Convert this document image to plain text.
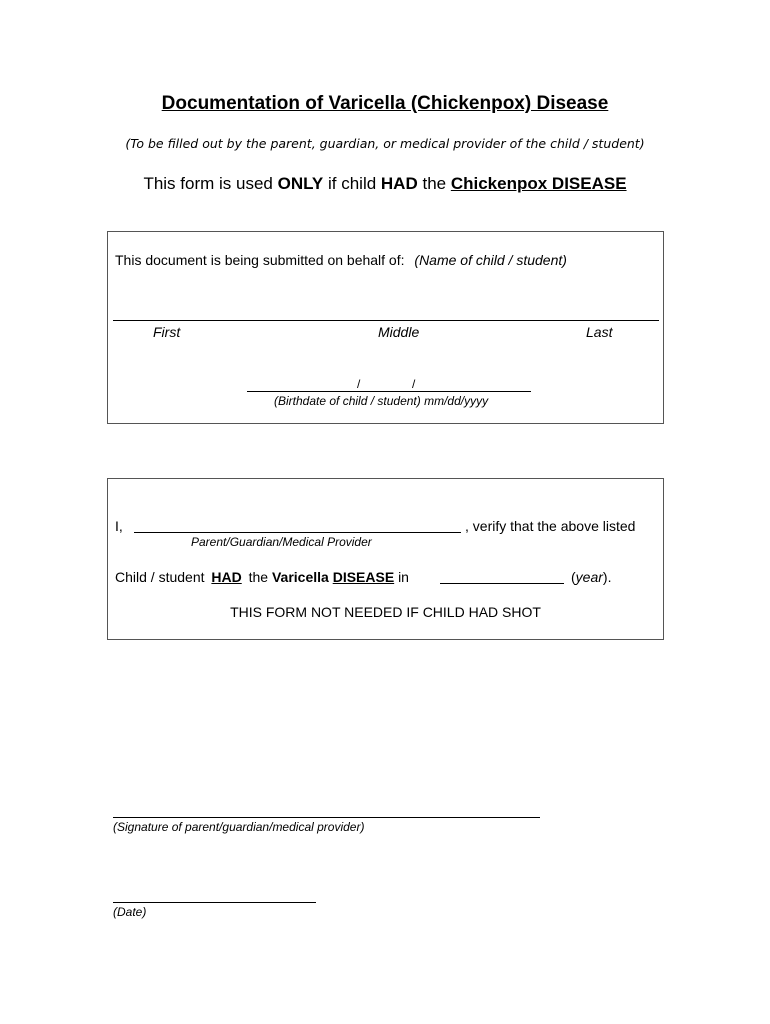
Documentation of Varicella (Chickenpox) Disease
(To be filled out by the parent, guardian, or medical provider of the child / student)
This form is used ONLY if child HAD the Chickenpox DISEASE
This document is being submitted on behalf of: (Name of child / student)
First	Middle	Last
/	/
(Birthdate of child / student) mm/dd/yyyy
I,	, verify that the above listed
Parent/Guardian/Medical Provider
Child / student HAD the Varicella DISEASE in	(year).
THIS FORM NOT NEEDED IF CHILD HAD SHOT
(Signature of parent/guardian/medical provider)
(Date)
